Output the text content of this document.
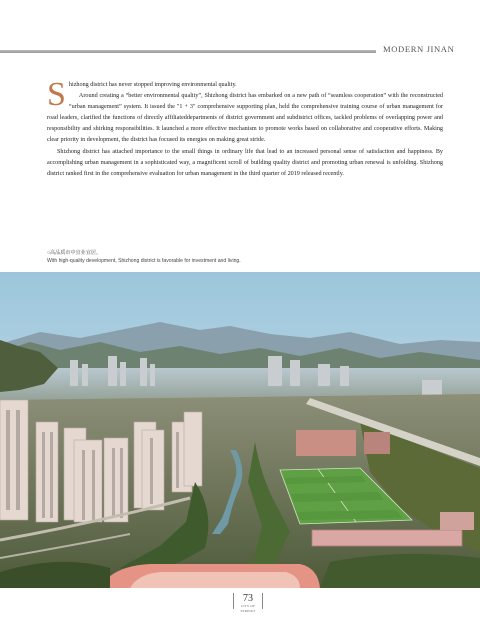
MODERN JINAN

Shizhong district has never stopped improving environmental quality.

Around creating a “better environmental quality”, Shizhong district has embarked on a new path of “seamless cooperation” with the reconstructed “urban management” system. It issued the "1 + 3" comprehensive supporting plan, held the comprehensive training course of urban management for road leaders, clarified the functions of directly affiliateddepartments of district government and subdistrict offices, tackled problems of overlapping power and responsibility and shirking responsibilities. It launched a more effective mechanism to promote works based on collaborative and cooperative efforts. Making clear priority in development, the district has focused its energies on making great stride.

Shizhong district has attached importance to the small things in ordinary life that lead to an increased personal sense of satisfaction and happiness. By accomplishing urban management in a sophisticated way, a magnificent scroll of building quality district and promoting urban renewal is unfolding. Shizhong district ranked first in the comprehensive evaluation for urban management in the third quarter of 2019 released recently.

○高品质市中宜业宜居。
With high-quality development, Shizhong district is favorable for investment and living.
73
CITY OF SPRINGS
